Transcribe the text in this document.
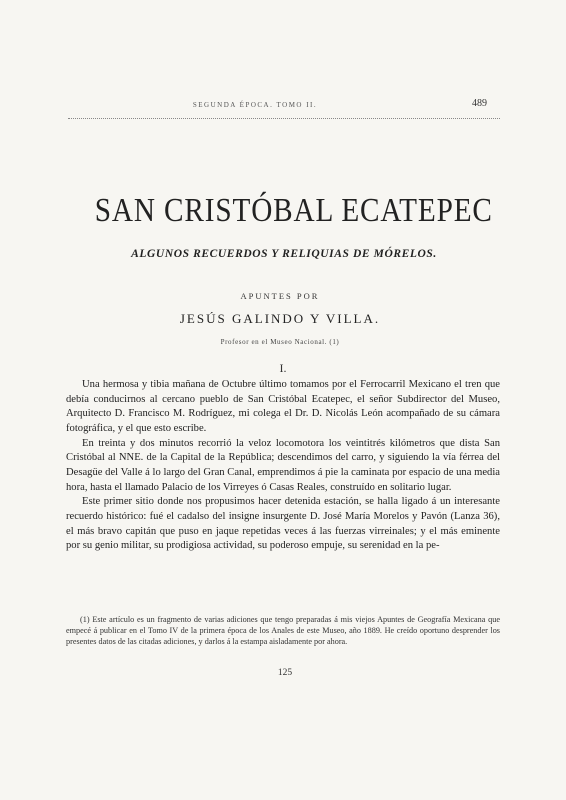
SEGUNDA ÉPOCA. TOMO II.	489
SAN CRISTÓBAL ECATEPEC
ALGUNOS RECUERDOS Y RELIQUIAS DE MÓRELOS.
APUNTES POR
JESÚS GALINDO Y VILLA.
Profesor en el Museo Nacional. (1)
I.

Una hermosa y tibia mañana de Octubre último tomamos por el Ferrocarril Mexicano el tren que debía conducirnos al cercano pueblo de San Cristóbal Ecatepec, el señor Subdirector del Museo, Arquitecto D. Francisco M. Rodríguez, mi colega el Dr. D. Nicolás León acompañado de su cámara fotográfica, y el que esto escribe.

En treinta y dos minutos recorrió la veloz locomotora los veintitrés kilómetros que dista San Cristóbal al NNE. de la Capital de la República; descendimos del carro, y siguiendo la vía férrea del Desagüe del Valle á lo largo del Gran Canal, emprendimos á pie la caminata por espacio de una media hora, hasta el llamado Palacio de los Virreyes ó Casas Reales, construído en solitario lugar.

Este primer sitio donde nos propusimos hacer detenida estación, se halla ligado á un interesante recuerdo histórico: fué el cadalso del insigne insurgente D. José María Morelos y Pavón (Lanza 36), el más bravo capitán que puso en jaque repetidas veces á las fuerzas virreinales; y el más eminente por su genio militar, su prodigiosa actividad, su poderoso empuje, su serenidad en la pe-

(1) Este artículo es un fragmento de varias adiciones que tengo preparadas á mis viejos Apuntes de Geografía Mexicana que empecé á publicar en el Tomo IV de la primera época de los Anales de este Museo, año 1889. He creído oportuno desprender los presentes datos de las citadas adiciones, y darlos á la estampa aisladamente por ahora.

125
